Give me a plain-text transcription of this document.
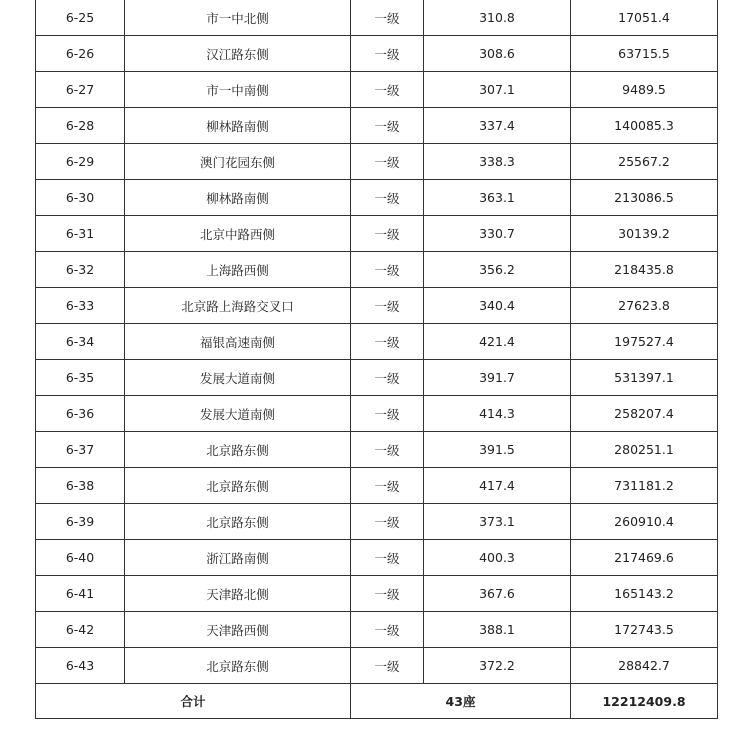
6-25	市一中北侧	一级	310.8	17051.4
6-26	汉江路东侧	一级	308.6	63715.5
6-27	市一中南侧	一级	307.1	9489.5
6-28	柳林路南侧	一级	337.4	140085.3
6-29	澳门花园东侧	一级	338.3	25567.2
6-30	柳林路南侧	一级	363.1	213086.5
6-31	北京中路西侧	一级	330.7	30139.2
6-32	上海路西侧	一级	356.2	218435.8
6-33	北京路上海路交叉口	一级	340.4	27623.8
6-34	福银高速南侧	一级	421.4	197527.4
6-35	发展大道南侧	一级	391.7	531397.1
6-36	发展大道南侧	一级	414.3	258207.4
6-37	北京路东侧	一级	391.5	280251.1
6-38	北京路东侧	一级	417.4	731181.2
6-39	北京路东侧	一级	373.1	260910.4
6-40	浙江路南侧	一级	400.3	217469.6
6-41	天津路北侧	一级	367.6	165143.2
6-42	天津路西侧	一级	388.1	172743.5
6-43	北京路东侧	一级	372.2	28842.7
合计		43座		12212409.8
